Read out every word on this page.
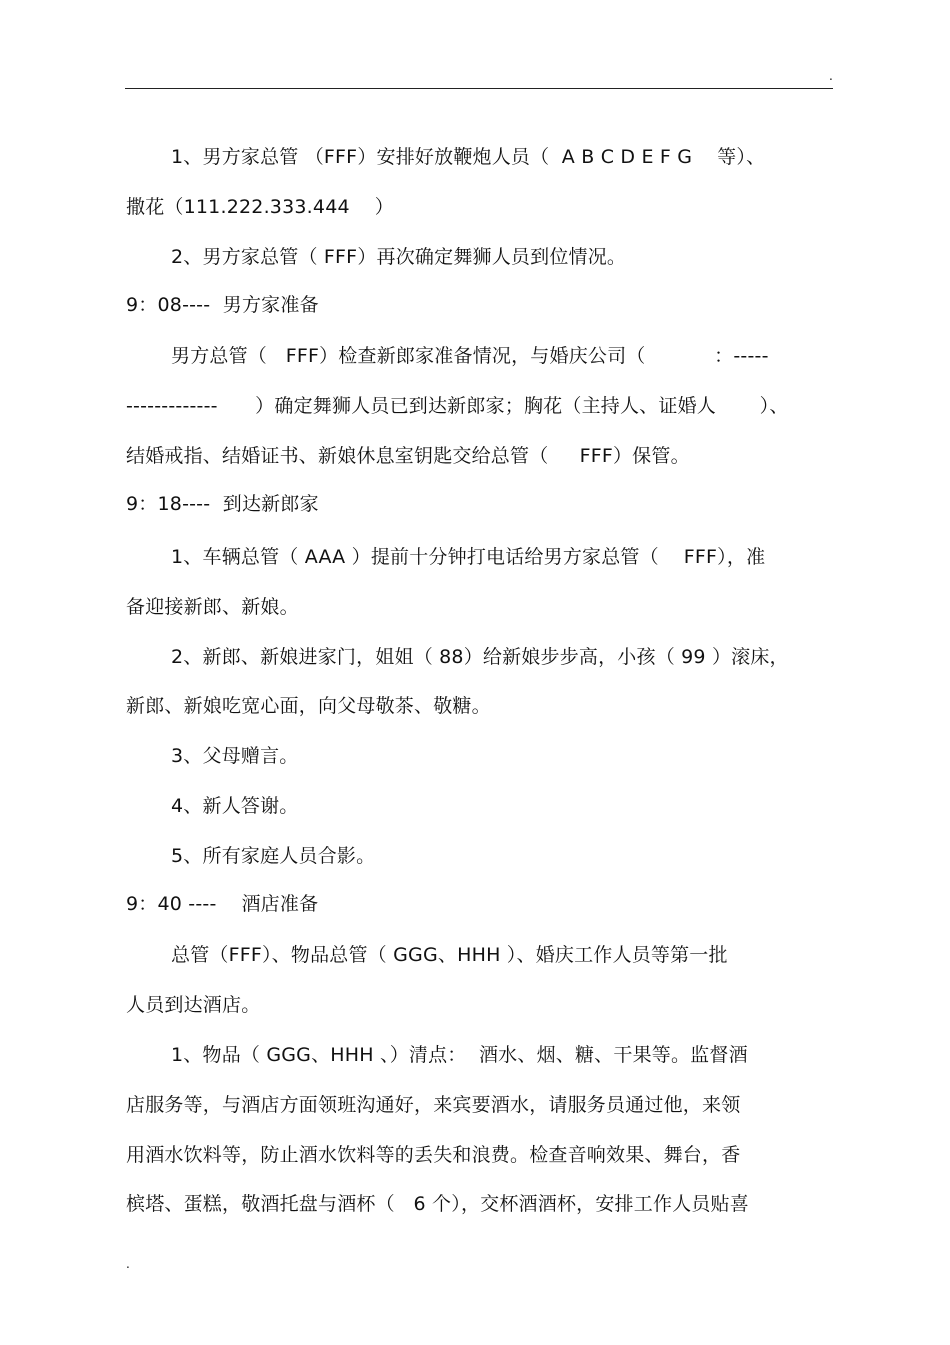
.
1、男方家总管 （FFF）安排好放鞭炮人员（  A B C D E F G    等）、
撒花（111.222.333.444    ）
2、男方家总管（ FFF）再次确定舞狮人员到位情况。
9：08----  男方家准备
男方总管（   FFF）检查新郎家准备情况，与婚庆公司（           ：-----
-------------      ）确定舞狮人员已到达新郎家；胸花（主持人、证婚人       ）、
结婚戒指、结婚证书、新娘休息室钥匙交给总管（     FFF）保管。
9：18----  到达新郎家
1、车辆总管（ AAA ）提前十分钟打电话给男方家总管（    FFF），准
备迎接新郎、新娘。
2、新郎、新娘进家门，姐姐（ 88）给新娘步步高，小孩（ 99 ）滚床，
新郎、新娘吃宽心面，向父母敬茶、敬糖。
3、父母赠言。
4、新人答谢。
5、所有家庭人员合影。
9：40 ----    酒店准备
总管（FFF）、物品总管（ GGG、HHH ）、婚庆工作人员等第一批
人员到达酒店。
1、物品（ GGG、HHH 、）清点：  酒水、烟、糖、干果等。监督酒
店服务等，与酒店方面领班沟通好，来宾要酒水，请服务员通过他，来领
用酒水饮料等，防止酒水饮料等的丢失和浪费。检查音响效果、舞台，香
槟塔、蛋糕，敬酒托盘与酒杯（   6 个），交杯酒酒杯，安排工作人员贴喜
.
